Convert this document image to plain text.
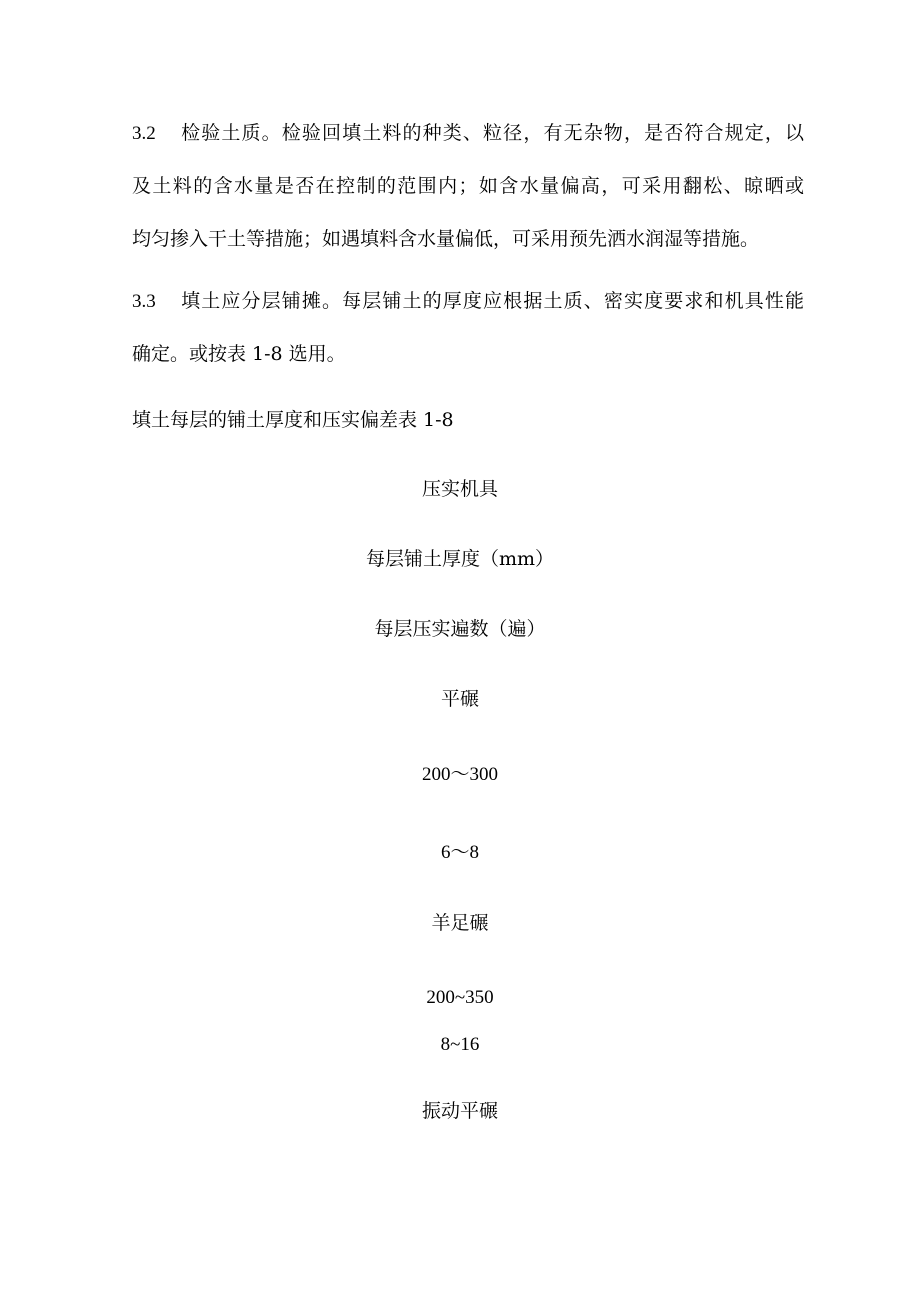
3.2 检验土质。检验回填土料的种类、粒径，有无杂物，是否符合规定，以
及土料的含水量是否在控制的范围内；如含水量偏高，可采用翻松、晾晒或
均匀掺入干土等措施；如遇填料含水量偏低，可采用预先洒水润湿等措施。
3.3 填土应分层铺摊。每层铺土的厚度应根据土质、密实度要求和机具性能
确定。或按表 1-8 选用。
填土每层的铺土厚度和压实偏差表 1-8
压实机具
每层铺土厚度（mm）
每层压实遍数（遍）
平碾
200～300
6～8
羊足碾
200~350
8~16
振动平碾
